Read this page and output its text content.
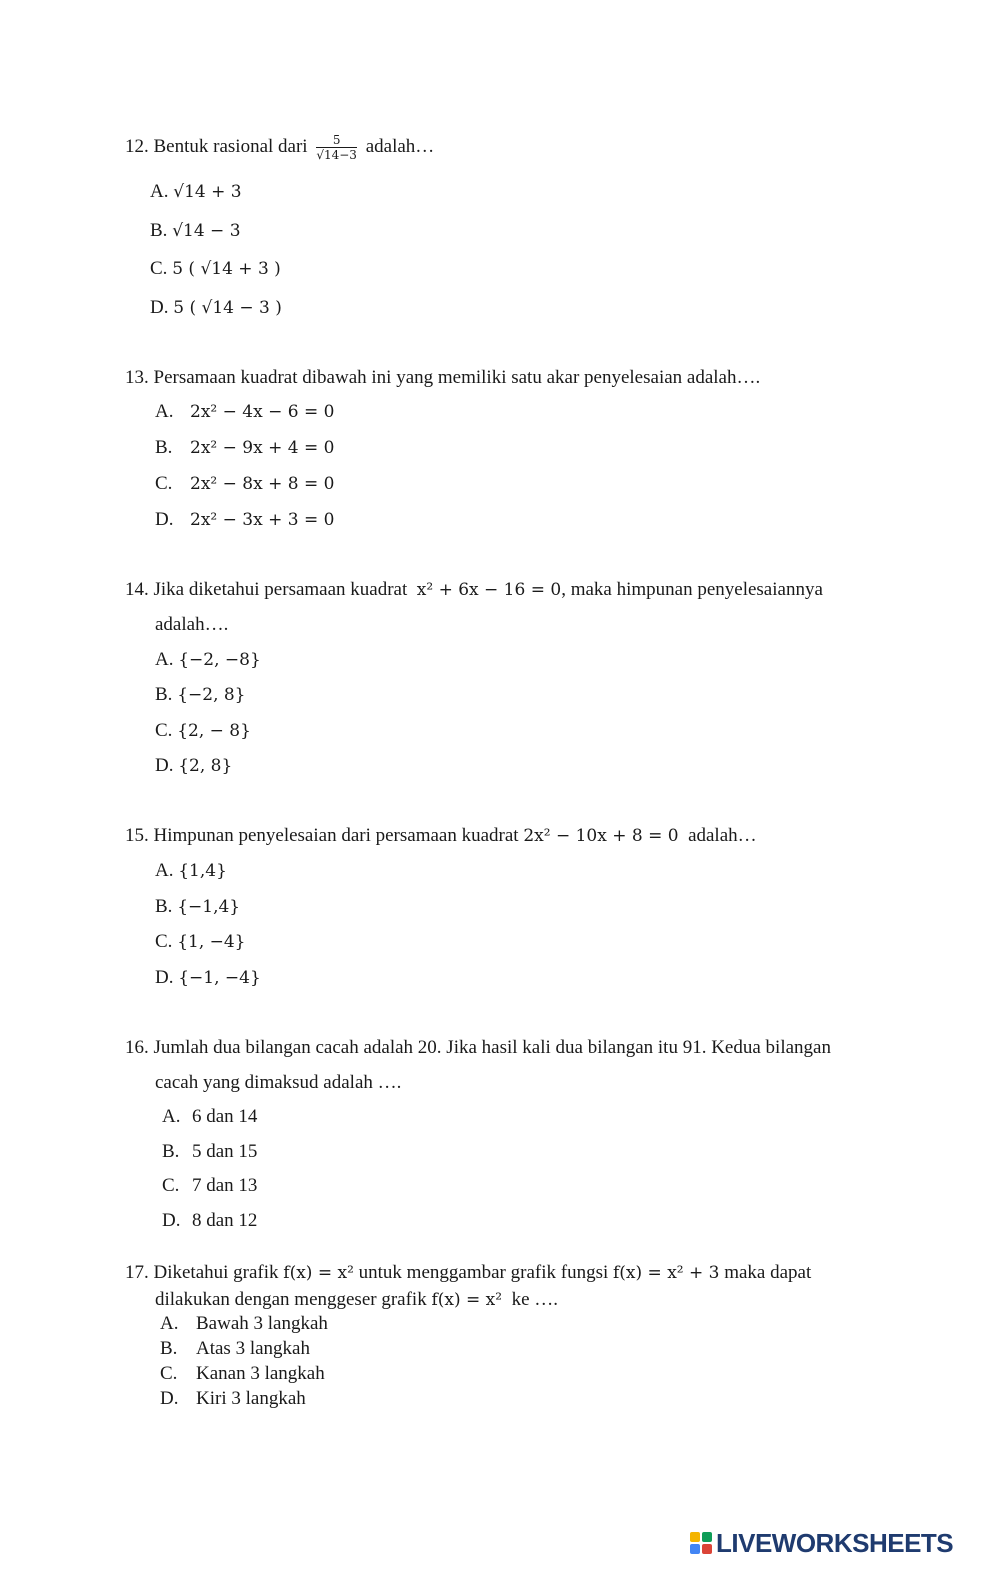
12. Bentuk rasional dari $\frac{5}{√14-3}$ adalah…
A. √14 + 3
B. √14 − 3
C. 5 ( √14 + 3 )
D. 5 ( √14 − 3 )
13. Persamaan kuadrat dibawah ini yang memiliki satu akar penyelesaian adalah….
A. 2x² − 4x − 6 = 0
B. 2x² − 9x + 4 = 0
C. 2x² − 8x + 8 = 0
D. 2x² − 3x + 3 = 0
14. Jika diketahui persamaan kuadrat x² + 6x − 16 = 0, maka himpunan penyelesaiannya
adalah….
A. {−2, −8}
B. {−2, 8}
C. {2, − 8}
D. {2, 8}
15. Himpunan penyelesaian dari persamaan kuadrat 2x² − 10x + 8 = 0 adalah…
A. {1,4}
B. {−1,4}
C. {1, −4}
D. {−1, −4}
16. Jumlah dua bilangan cacah adalah 20. Jika hasil kali dua bilangan itu 91. Kedua bilangan
cacah yang dimaksud adalah ….
A. 6 dan 14
B. 5 dan 15
C. 7 dan 13
D. 8 dan 12
17. Diketahui grafik f(x) = x² untuk menggambar grafik fungsi f(x) = x² + 3 maka dapat
dilakukan dengan menggeser grafik f(x) = x² ke ….
A. Bawah 3 langkah
B. Atas 3 langkah
C. Kanan 3 langkah
D. Kiri 3 langkah
LIVEWORKSHEETS
